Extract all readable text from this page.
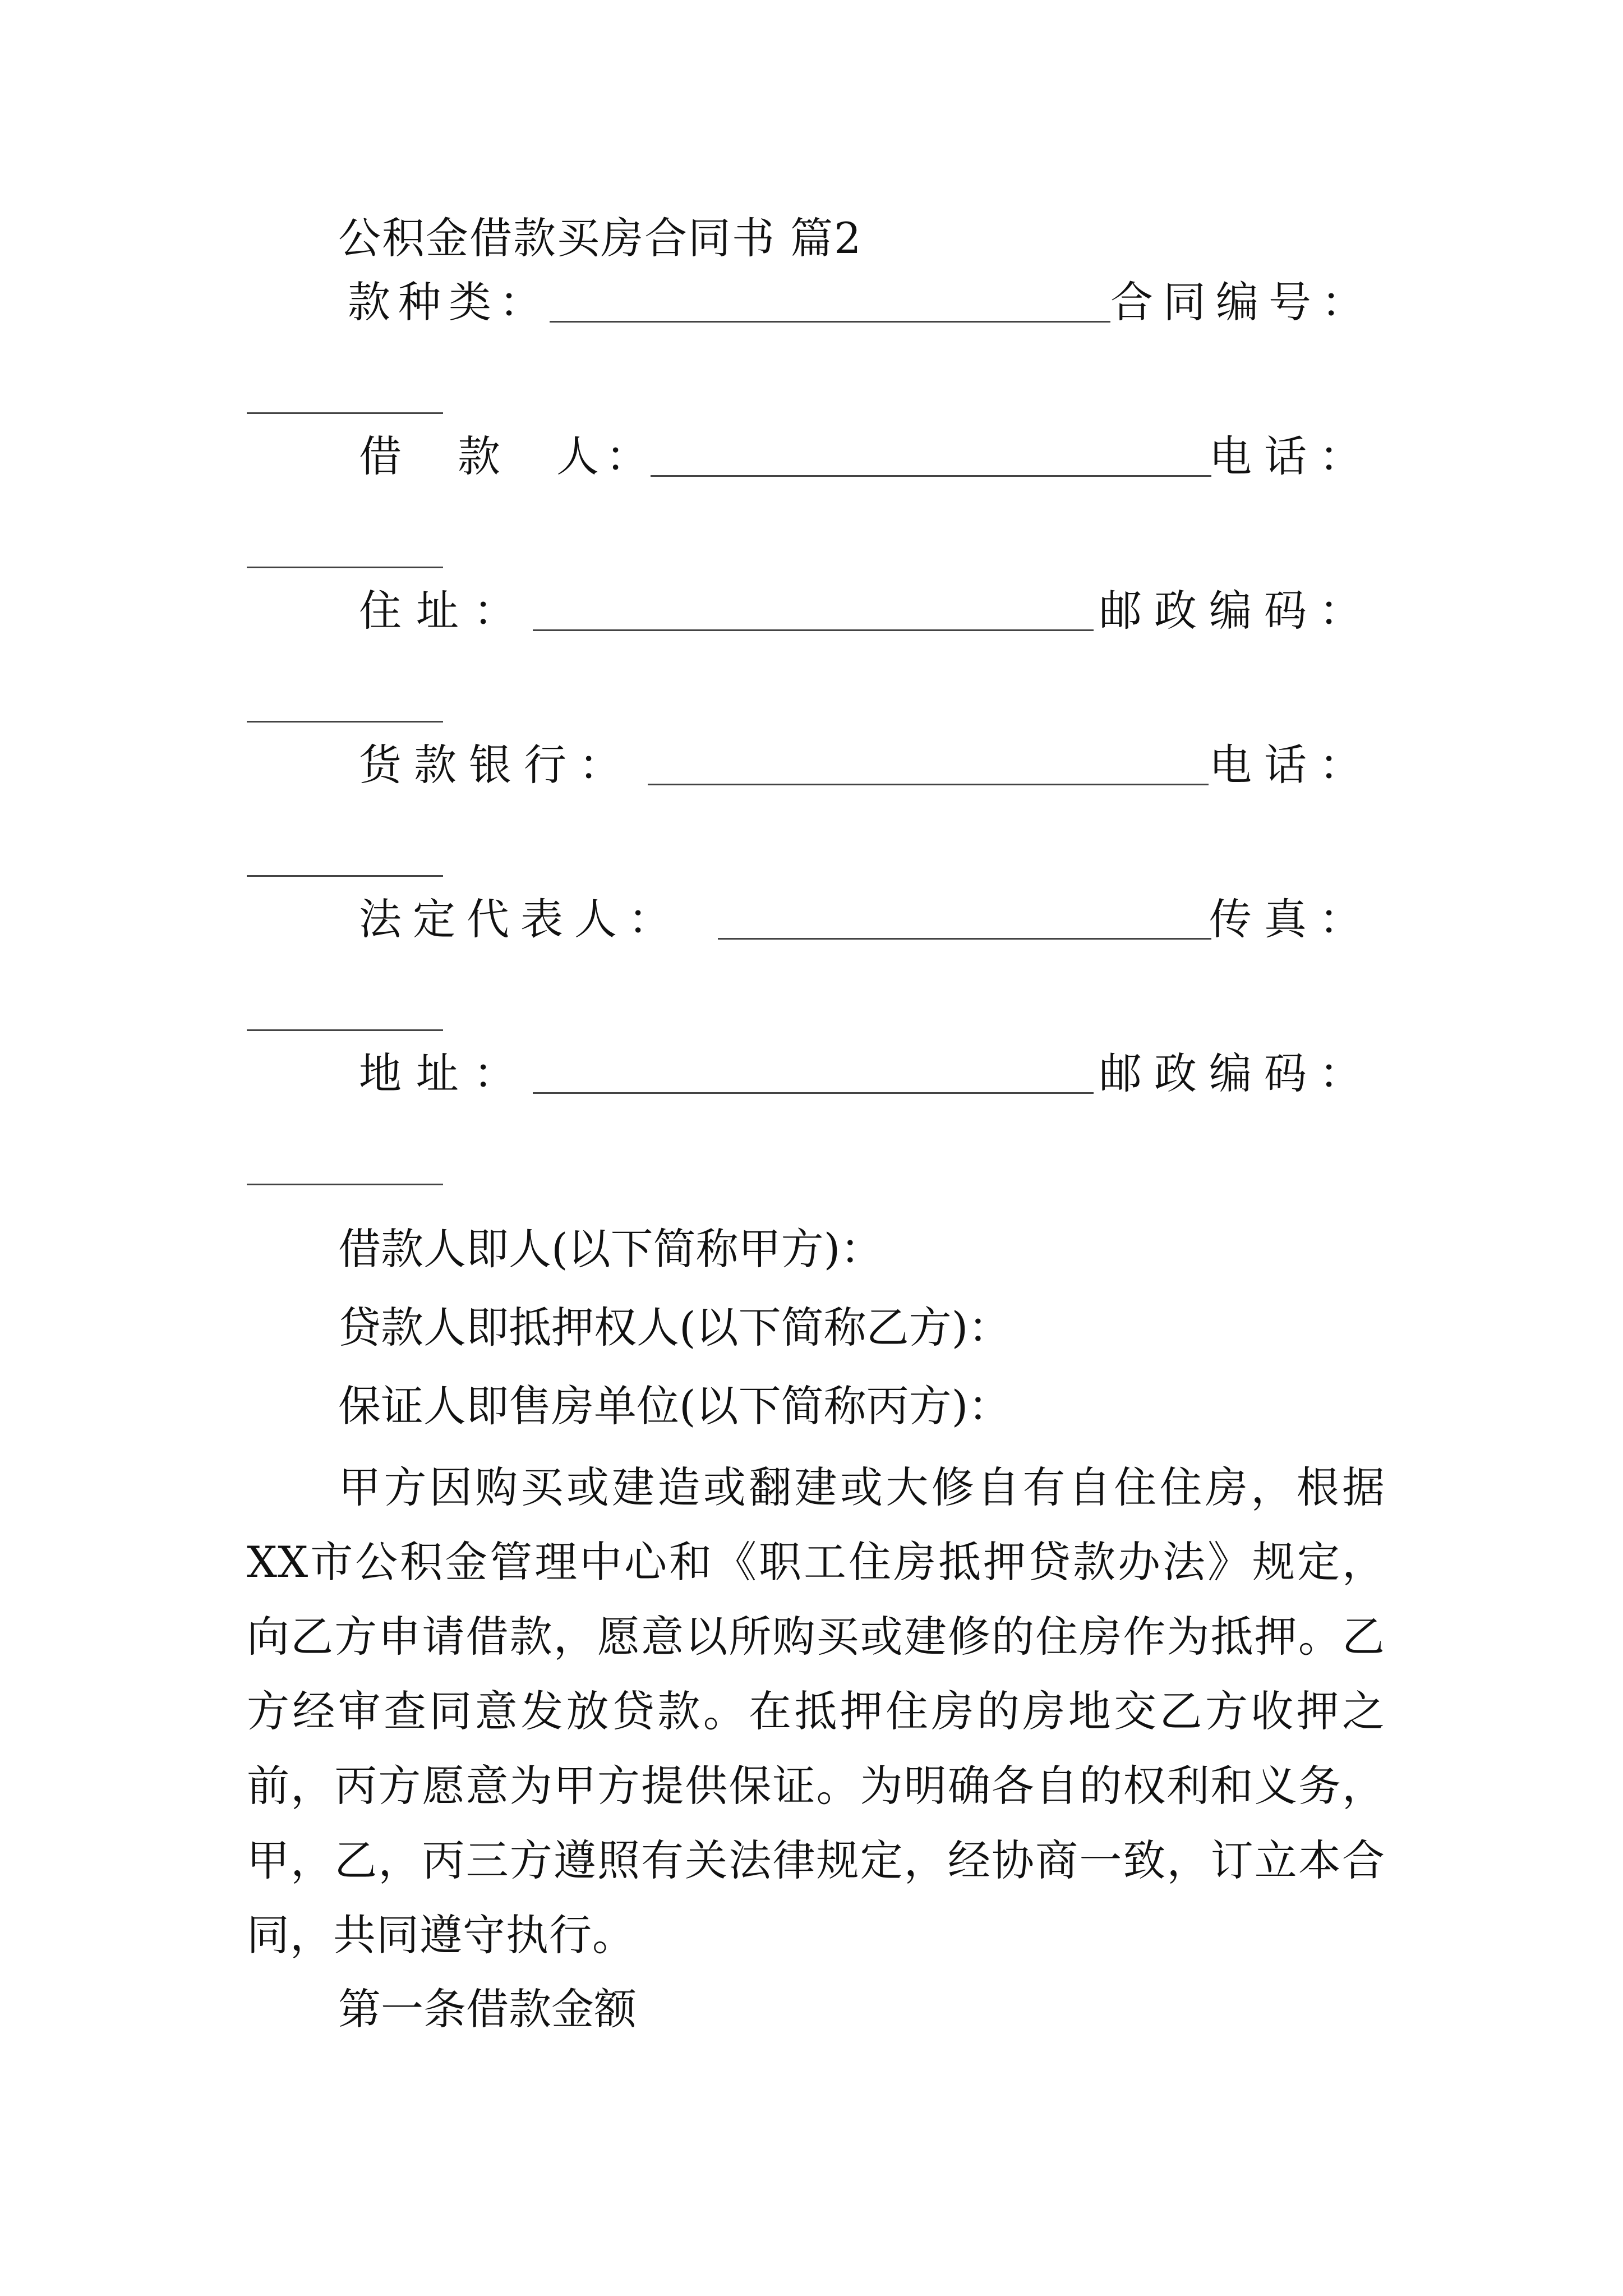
公积金借款买房合同书 篇2
款种类：	合同编号：
借　款　人：	电话：
住址：	邮政编码：
货款银行：	电话：
法定代表人：	传真：
地址：	邮政编码：
借款人即人(以下简称甲方)：
贷款人即抵押权人(以下简称乙方)：
保证人即售房单位(以下简称丙方)：
甲方因购买或建造或翻建或大修自有自住住房，根据XX市公积金管理中心和《职工住房抵押贷款办法》规定，向乙方申请借款，愿意以所购买或建修的住房作为抵押。乙方经审查同意发放贷款。在抵押住房的房地交乙方收押之前，丙方愿意为甲方提供保证。为明确各自的权利和义务，甲，乙，丙三方遵照有关法律规定，经协商一致，订立本合同，共同遵守执行。
第一条借款金额
